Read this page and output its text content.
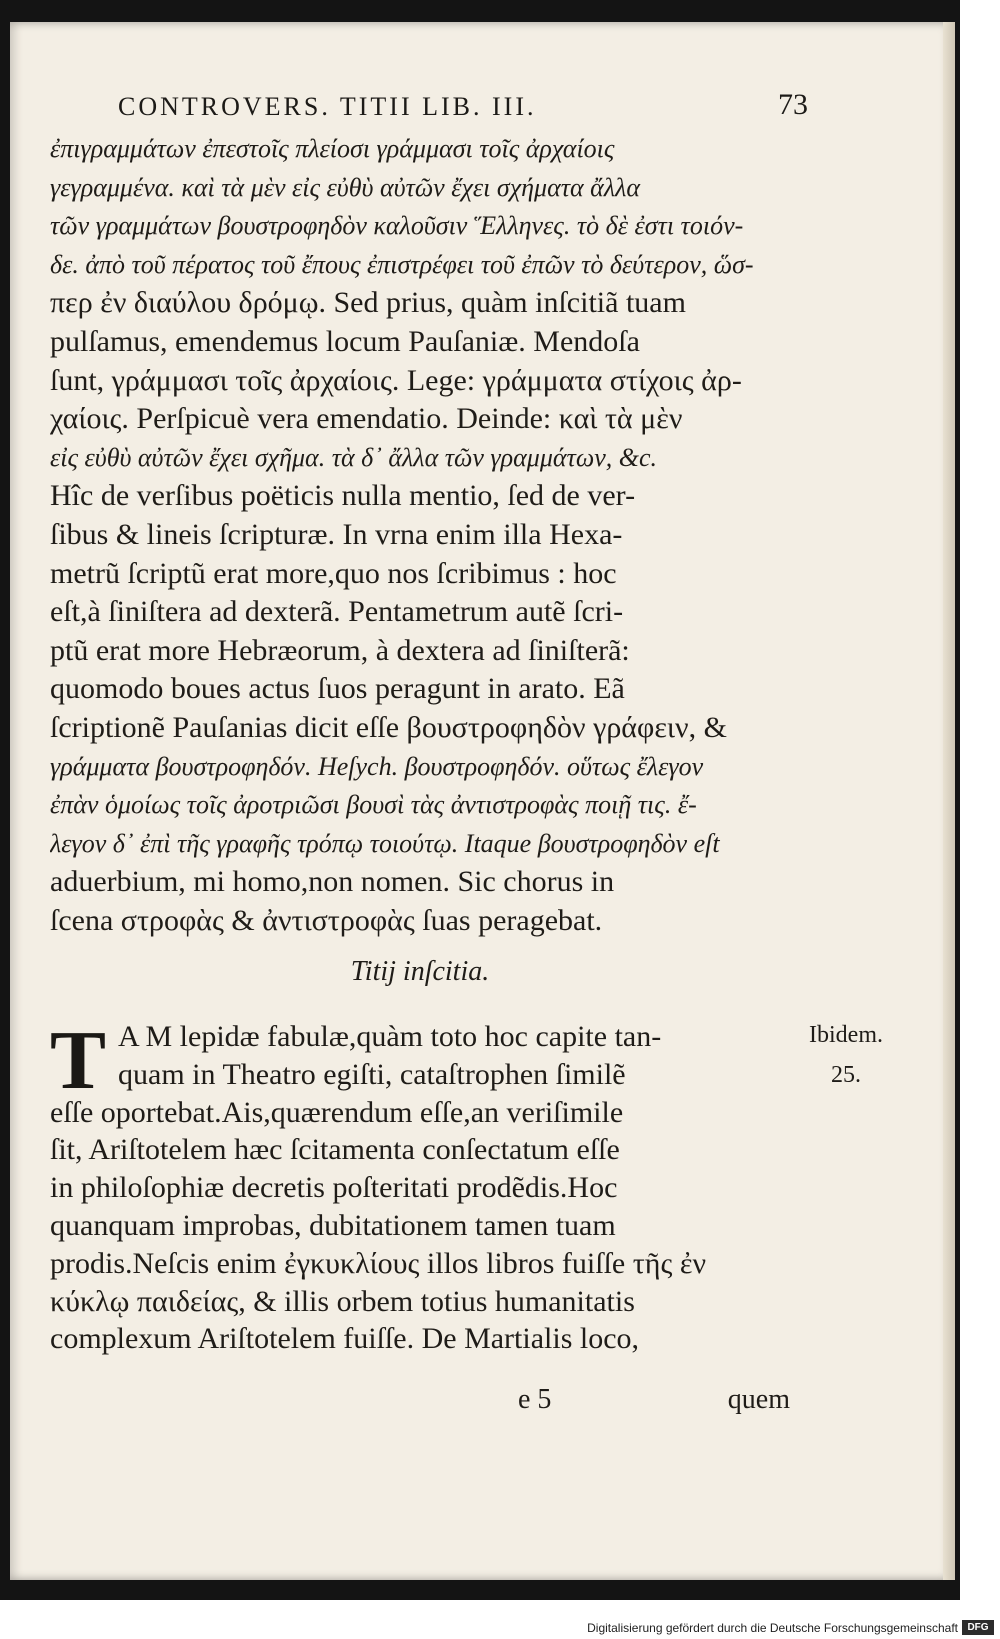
CONTROVERS. TITII LIB. III.	73
ἐπιγραμμάτων ἐπεστοῖς πλείοσι γράμμασι τοῖς ἀρχαίοις
γεγραμμένα. καὶ τὰ μὲν εἰς εὐθὺ αὐτῶν ἔχει σχήματα ἄλλα
τῶν γραμμάτων βουστροφηδὸν καλοῦσιν Ἕλληνες. τὸ δὲ ἐστι τοιόν-
δε. ἀπὸ τοῦ πέρατος τοῦ ἔπους ἐπιστρέφει τοῦ ἐπῶν τὸ δεύτερον, ὥσ-
περ ἐν διαύλου δρόμῳ. Sed prius, quàm inſcitiã tuam
pulſamus, emendemus locum Pauſaniæ. Mendoſa
ſunt, γράμμασι τοῖς ἀρχαίοις. Lege: γράμματα στίχοις ἀρ-
χαίοις. Perſpicuè vera emendatio. Deinde: καὶ τὰ μὲν
εἰς εὐθὺ αὐτῶν ἔχει σχῆμα. τὰ δ᾽ ἄλλα τῶν γραμμάτων, &c.
Hîc de verſibus poëticis nulla mentio, ſed de ver-
ſibus & lineis ſcripturæ. In vrna enim illa Hexa-
metrũ ſcriptũ erat more,quo nos ſcribimus : hoc
eſt,à ſiniſtera ad dexterã. Pentametrum autẽ ſcri-
ptũ erat more Hebræorum, à dextera ad ſiniſterã:
quomodo boues actus ſuos peragunt in arato. Eã
ſcriptionẽ Pauſanias dicit eſſe βουστροφηδὸν γράφειν, &
γράμματα βουστροφηδόν. Heſych. βουστροφηδόν. οὕτως ἔλεγον
ἐπὰν ὁμοίως τοῖς ἀροτριῶσι βουσὶ τὰς ἀντιστροφὰς ποιῇ τις. ἔ-
λεγον δ᾽ ἐπὶ τῆς γραφῆς τρόπῳ τοιούτῳ. Itaque βουστροφηδὸν eſt
aduerbium, mi homo,non nomen. Sic chorus in
ſcena στροφὰς & ἀντιστροφὰς ſuas peragebat.
Titij inſcitia.
T A M lepidæ fabulæ,quàm toto hoc capite tan-
quam in Theatro egiſti, cataſtrophen ſimilẽ
eſſe oportebat.Ais,quærendum eſſe,an veriſimile
ſit, Ariſtotelem hæc ſcitamenta conſectatum eſſe
in philoſophiæ decretis poſteritati prodẽdis.Hoc
quanquam improbas, dubitationem tamen tuam
prodis.Neſcis enim ἐγκυκλίους illos libros fuiſſe τῆς ἐν
κύκλῳ παιδείας, & illis orbem totius humanitatis
complexum Ariſtotelem fuiſſe. De Martialis loco,
Ibidem.
25.
e 5	quem
Digitalisierung gefördert durch die Deutsche Forschungsgemeinschaft DFG
